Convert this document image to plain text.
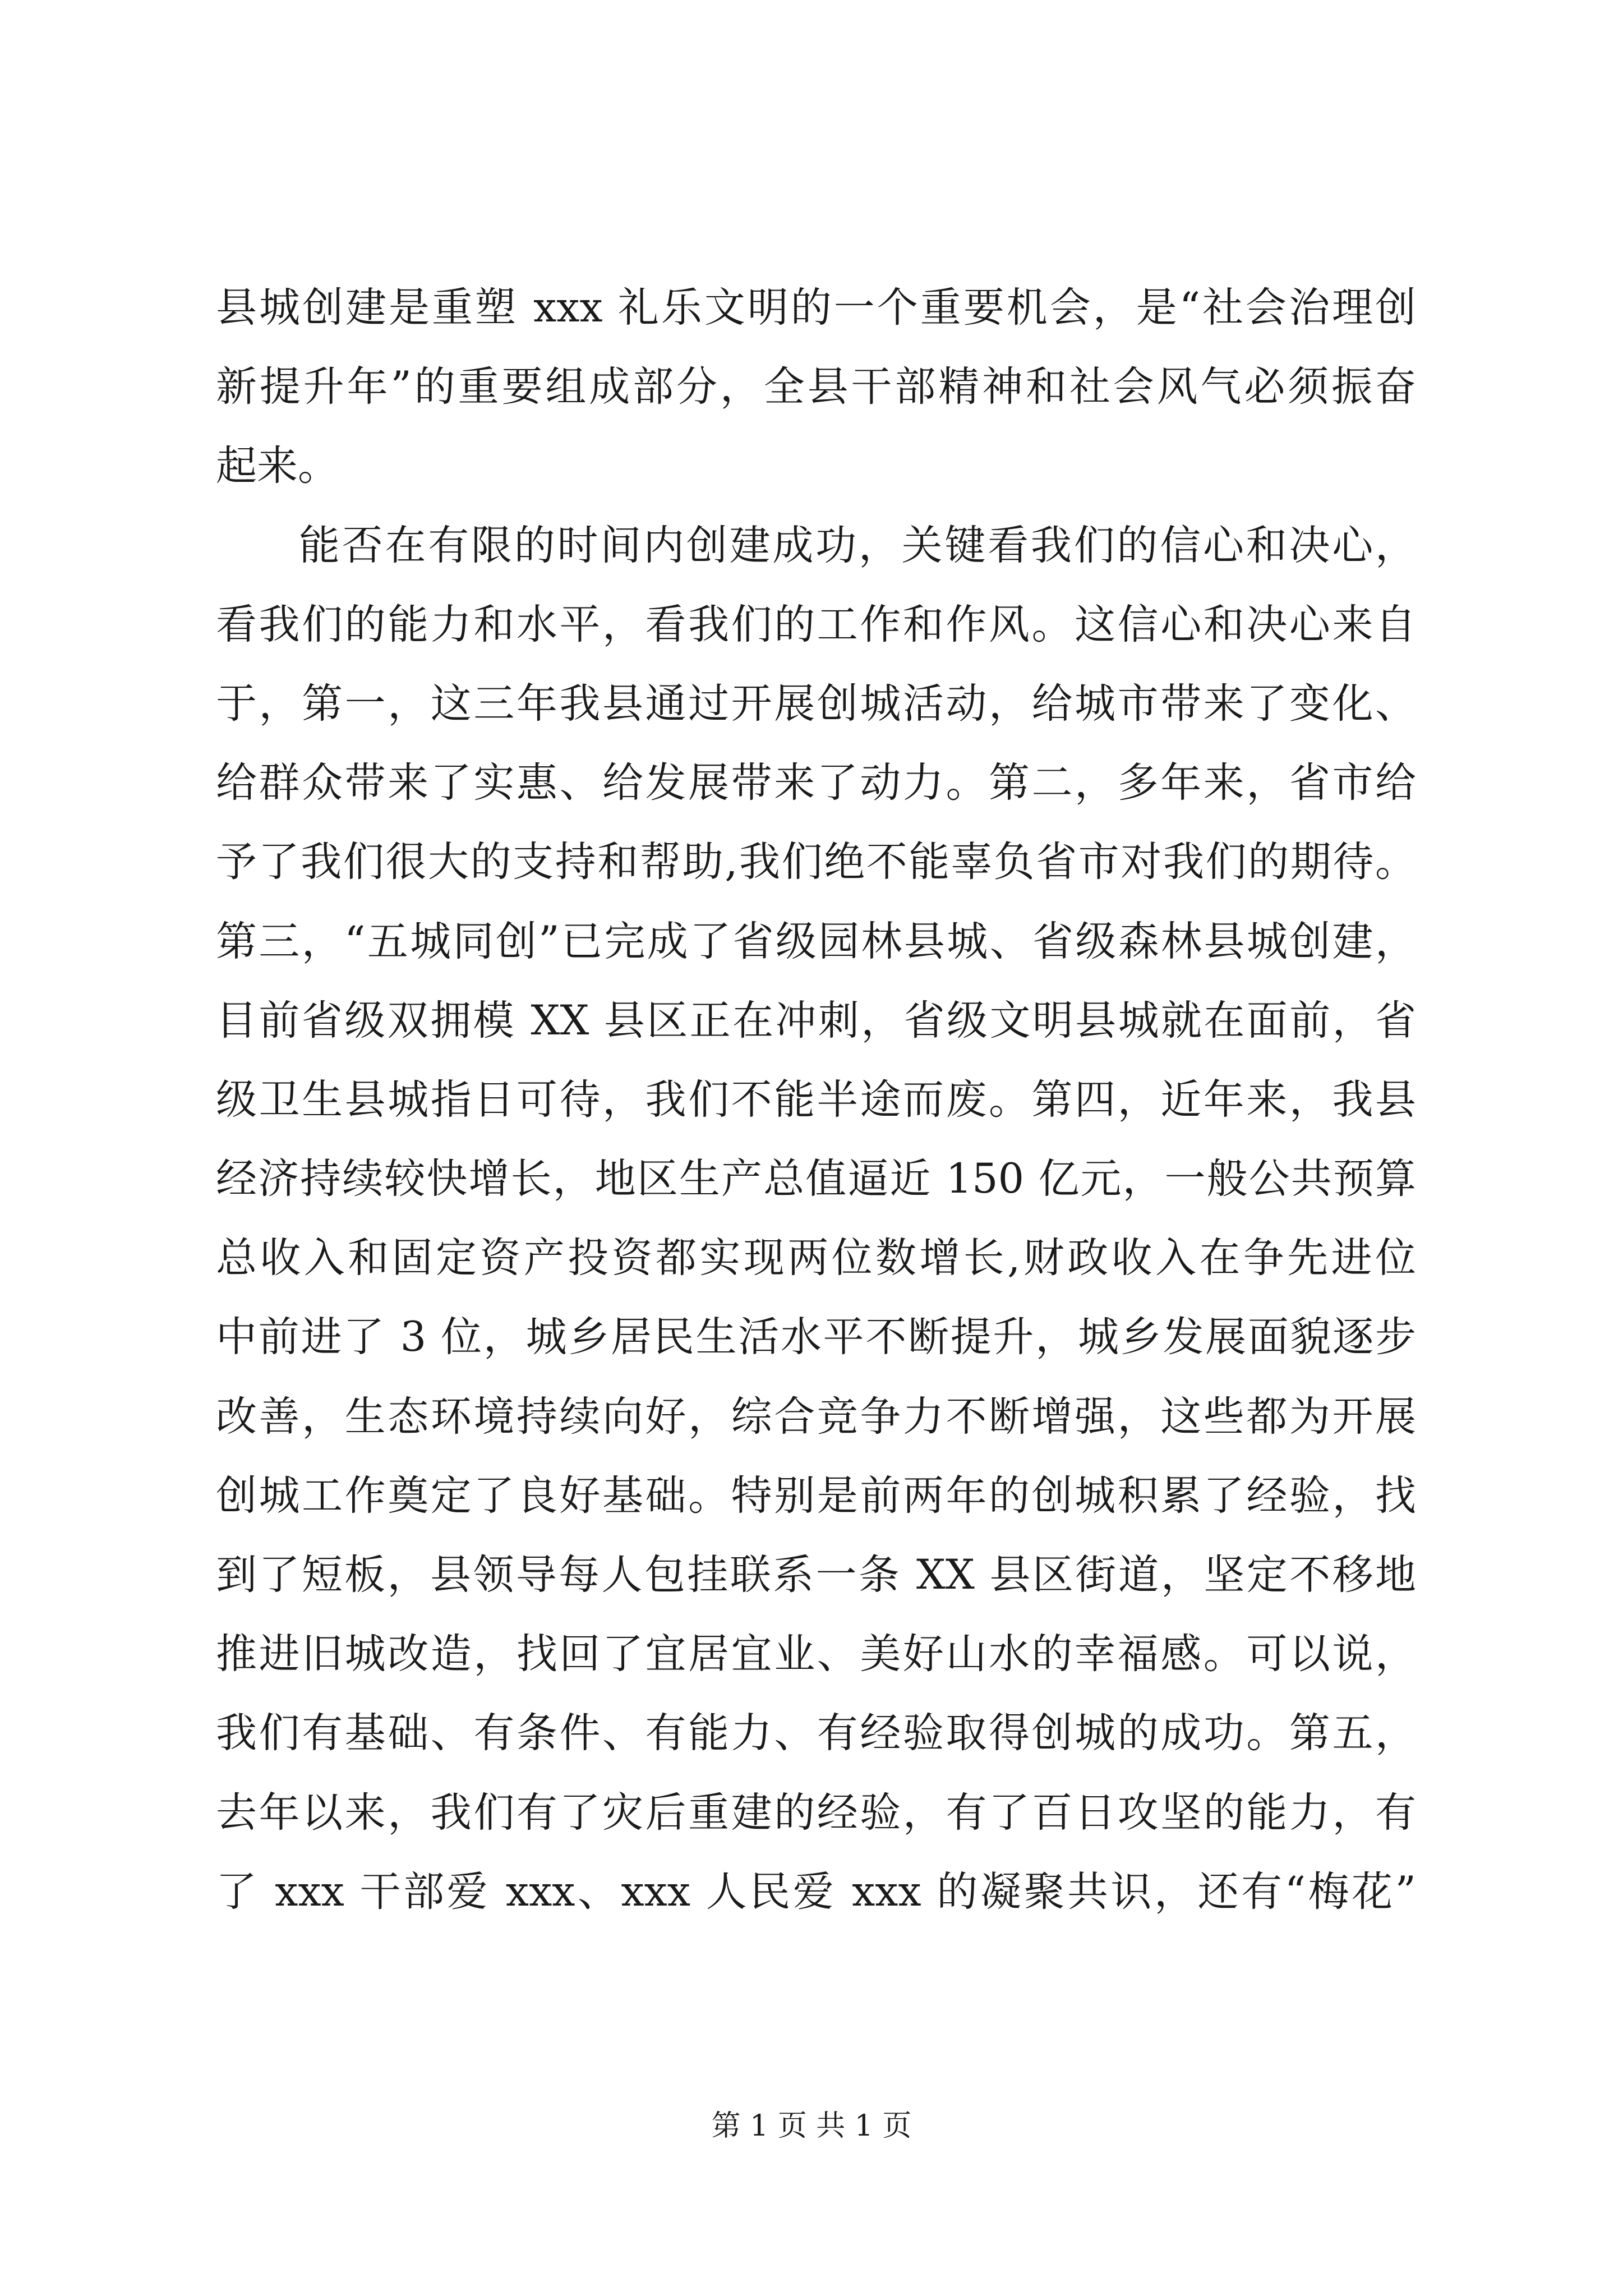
县城创建是重塑 xxx 礼乐文明的一个重要机会，是“社会治理创
新提升年”的重要组成部分，全县干部精神和社会风气必须振奋
起来。
能否在有限的时间内创建成功，关键看我们的信心和决心，
看我们的能力和水平，看我们的工作和作风。这信心和决心来自
于，第一，这三年我县通过开展创城活动，给城市带来了变化、
给群众带来了实惠、给发展带来了动力。第二，多年来，省市给
予了我们很大的支持和帮助,我们绝不能辜负省市对我们的期待。
第三，“五城同创”已完成了省级园林县城、省级森林县城创建，
目前省级双拥模 XX 县区正在冲刺，省级文明县城就在面前，省
级卫生县城指日可待，我们不能半途而废。第四，近年来，我县
经济持续较快增长，地区生产总值逼近 150 亿元，一般公共预算
总收入和固定资产投资都实现两位数增长,财政收入在争先进位
中前进了 3 位，城乡居民生活水平不断提升，城乡发展面貌逐步
改善，生态环境持续向好，综合竞争力不断增强，这些都为开展
创城工作奠定了良好基础。特别是前两年的创城积累了经验，找
到了短板，县领导每人包挂联系一条 XX 县区街道，坚定不移地
推进旧城改造，找回了宜居宜业、美好山水的幸福感。可以说，
我们有基础、有条件、有能力、有经验取得创城的成功。第五，
去年以来，我们有了灾后重建的经验，有了百日攻坚的能力，有
了 xxx 干部爱 xxx、xxx 人民爱 xxx 的凝聚共识，还有“梅花”
第 1 页 共 1 页
